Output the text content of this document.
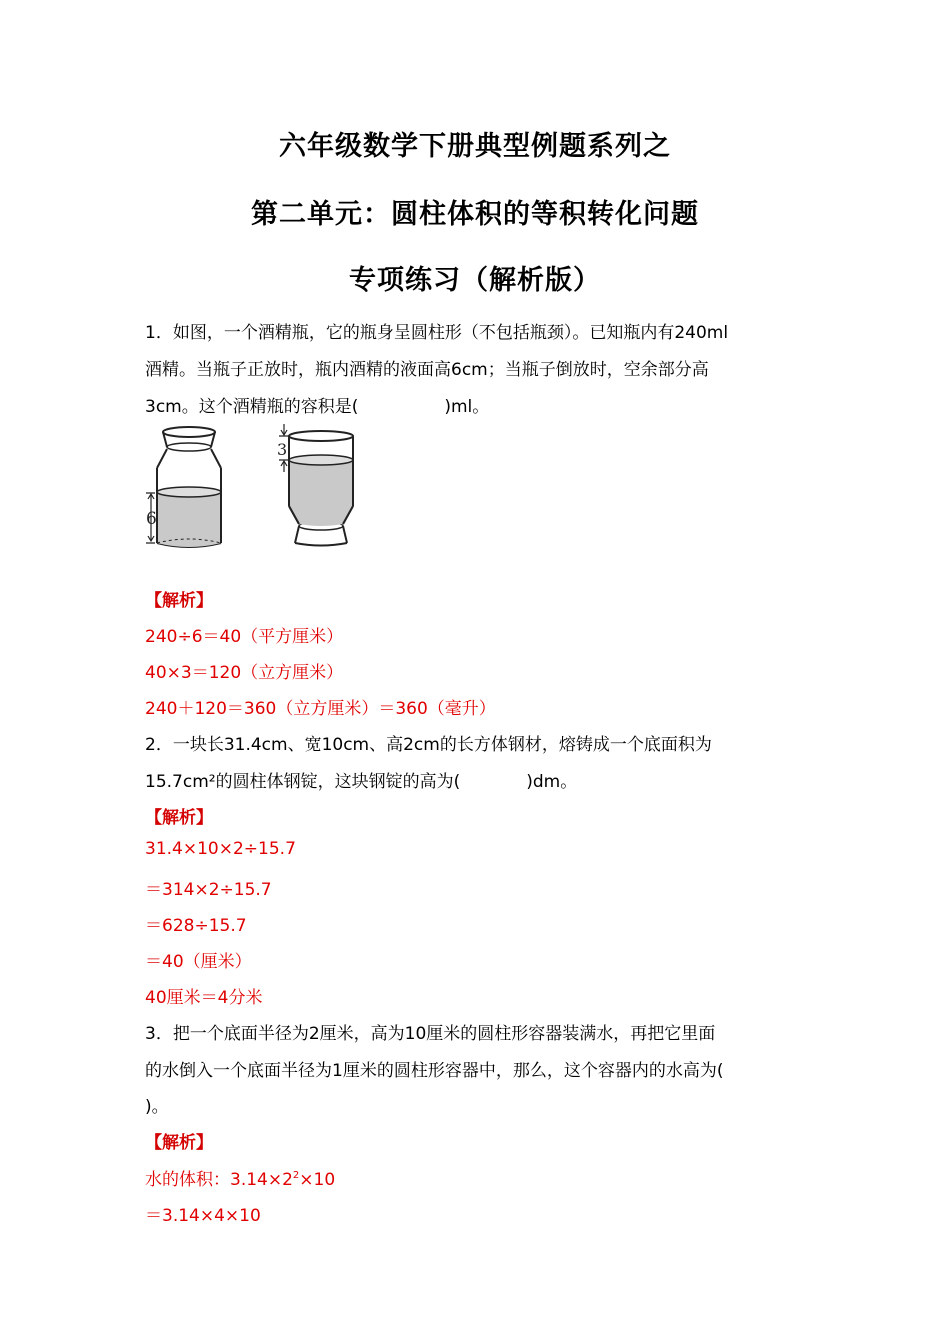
六年级数学下册典型例题系列之
第二单元：圆柱体积的等积转化问题
专项练习（解析版）
1．如图，一个酒精瓶，它的瓶身呈圆柱形（不包括瓶颈）。已知瓶内有240ml
酒精。当瓶子正放时，瓶内酒精的液面高6cm；当瓶子倒放时，空余部分高
3cm。这个酒精瓶的容积是(	)ml。
6
3
【解析】
240÷6＝40（平方厘米）
40×3＝120（立方厘米）
240＋120＝360（立方厘米）＝360（毫升）
2．一块长31.4cm、宽10cm、高2cm的长方体钢材，熔铸成一个底面积为
15.7cm²的圆柱体钢锭，这块钢锭的高为(	)dm。
【解析】
31.4×10×2÷15.7
＝314×2÷15.7
＝628÷15.7
＝40（厘米）
40厘米＝4分米
3．把一个底面半径为2厘米，高为10厘米的圆柱形容器装满水，再把它里面
的水倒入一个底面半径为1厘米的圆柱形容器中，那么，这个容器内的水高为(
)。
【解析】
水的体积：$3.14\times 2^2\times 10$
＝3.14×4×10
